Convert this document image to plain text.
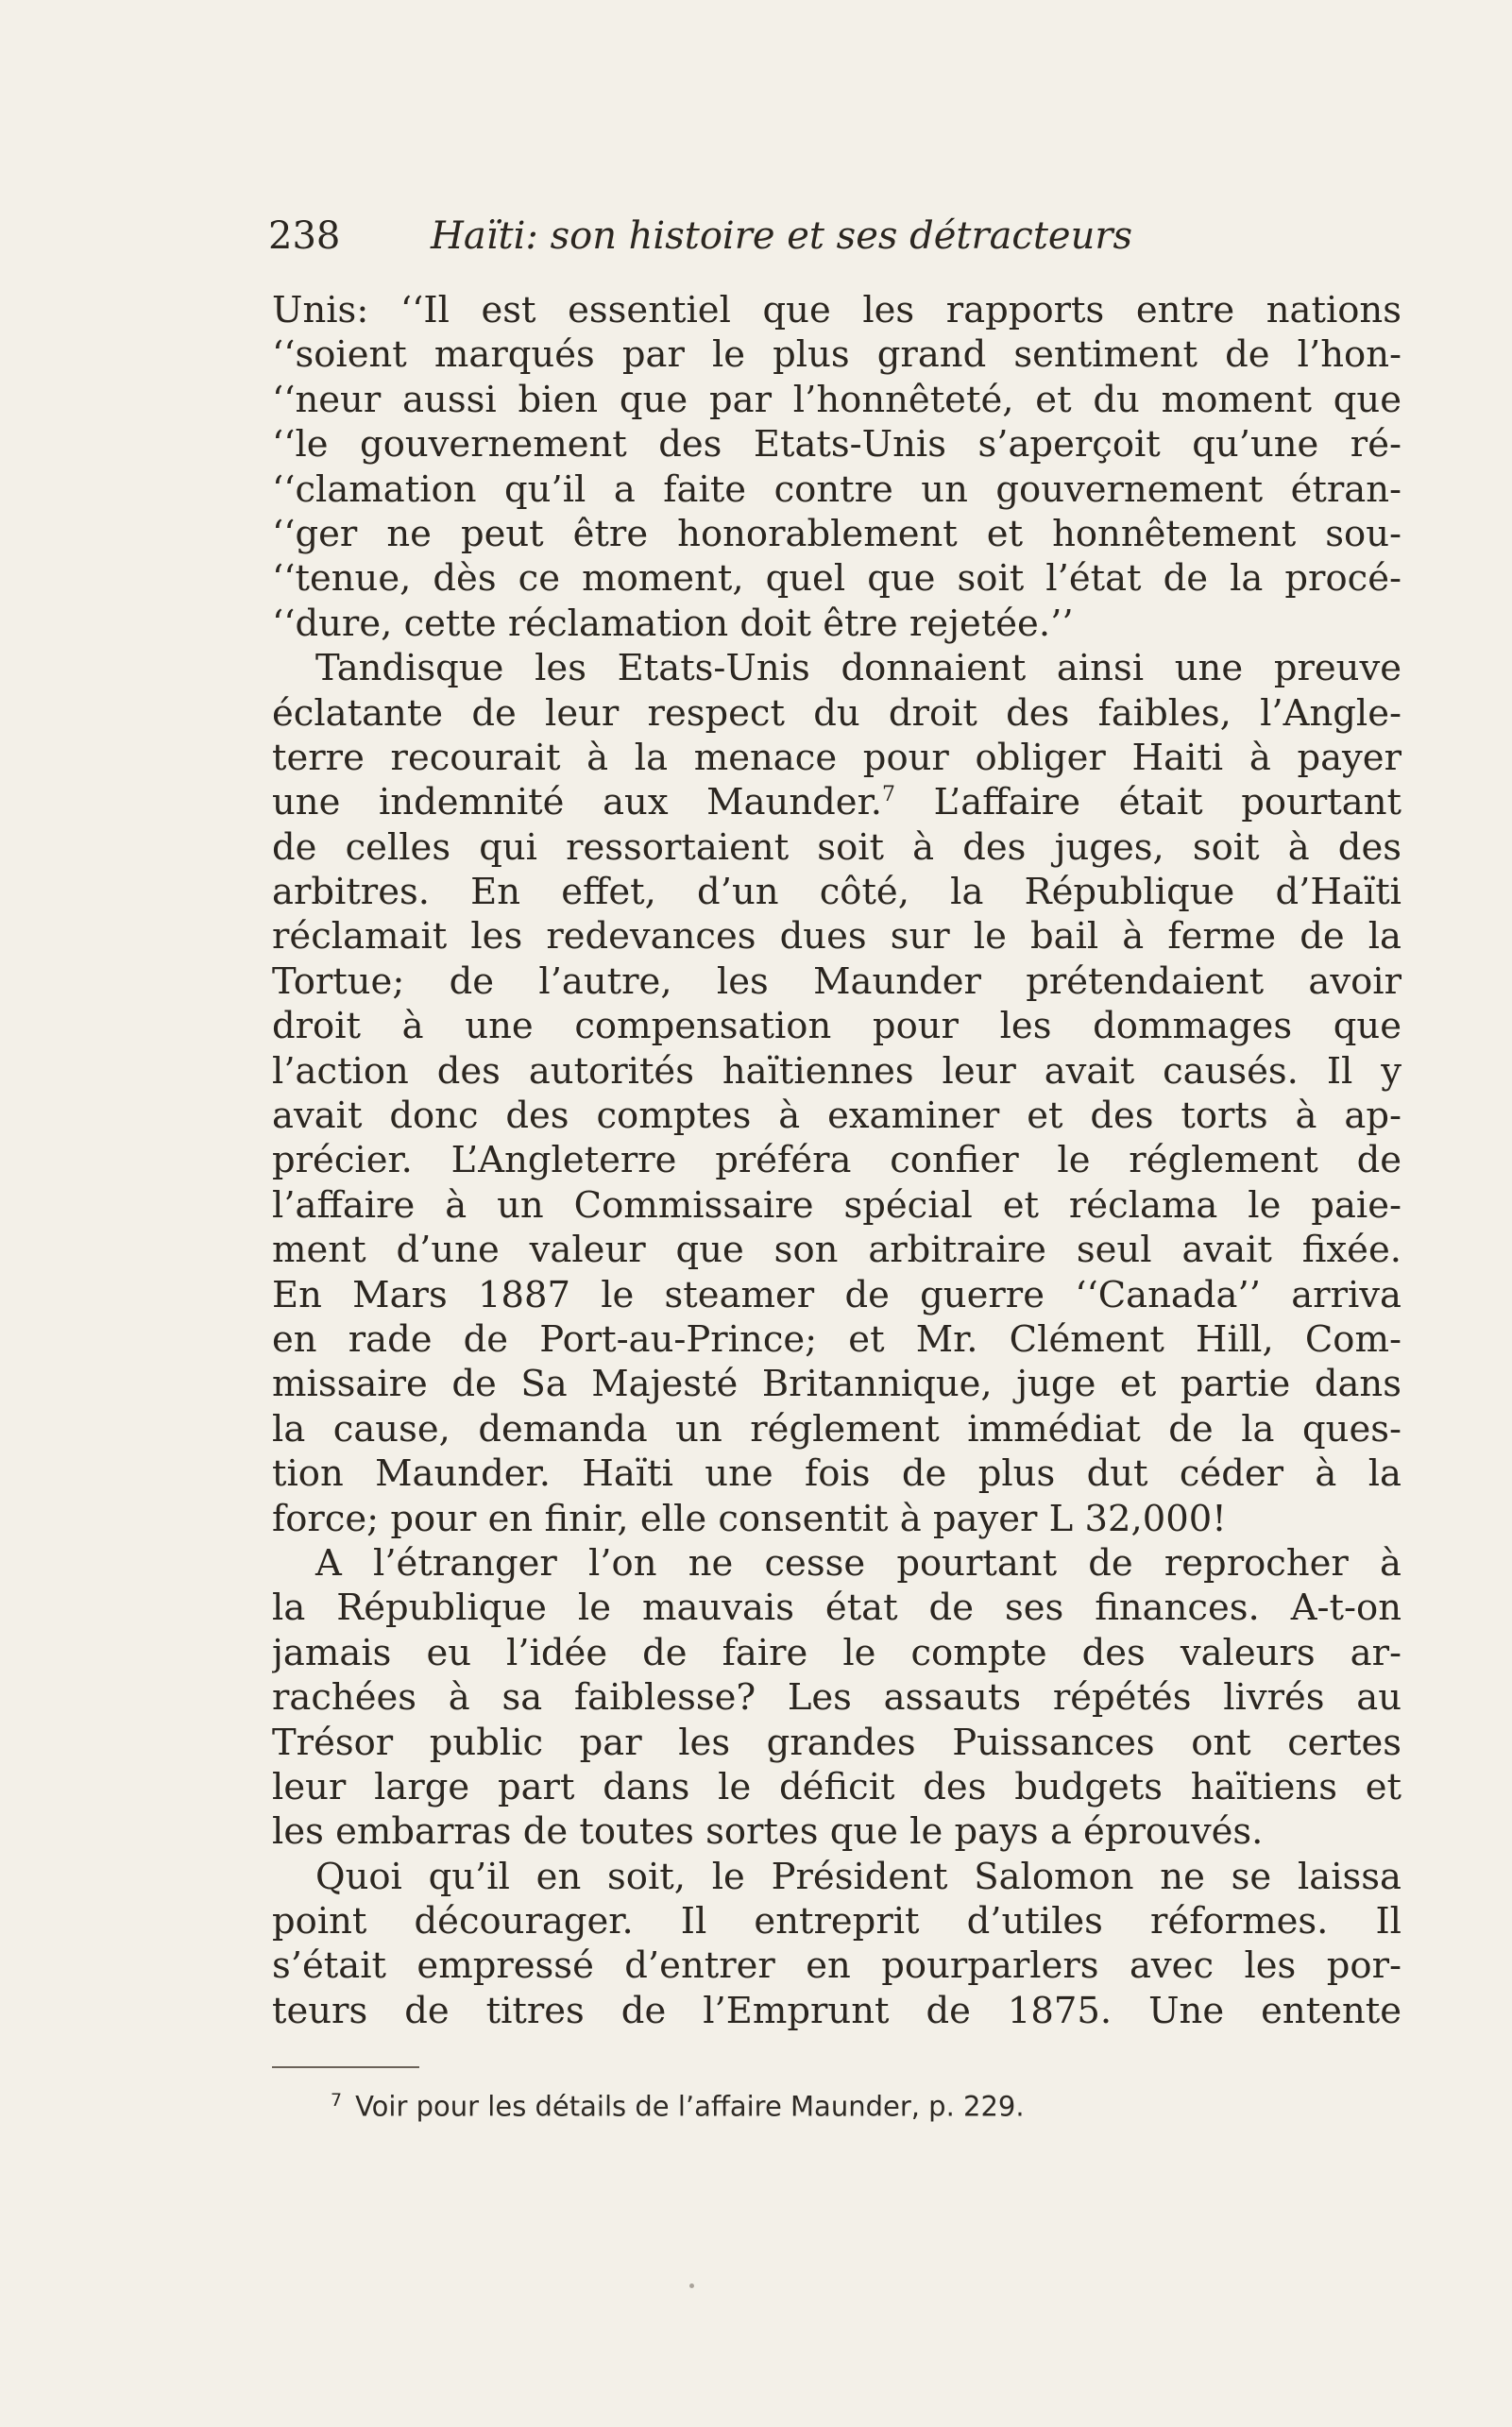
238 Haïti: son histoire et ses détracteurs
Unis: ‘‘Il est essentiel que les rapports entre nations
‘‘soient marqués par le plus grand sentiment de l’hon-
‘‘neur aussi bien que par l’honnêteté, et du moment que
‘‘le gouvernement des Etats-Unis s’aperçoit qu’une ré-
‘‘clamation qu’il a faite contre un gouvernement étran-
‘‘ger ne peut être honorablement et honnêtement sou-
‘‘tenue, dès ce moment, quel que soit l’état de la procé-
‘‘dure, cette réclamation doit être rejetée.’’
Tandisque les Etats-Unis donnaient ainsi une preuve
éclatante de leur respect du droit des faibles, l’Angle-
terre recourait à la menace pour obliger Haiti à payer
une indemnité aux Maunder.$^7$ L’affaire était pourtant
de celles qui ressortaient soit à des juges, soit à des
arbitres. En effet, d’un côté, la République d’Haïti
réclamait les redevances dues sur le bail à ferme de la
Tortue; de l’autre, les Maunder prétendaient avoir
droit à une compensation pour les dommages que
l’action des autorités haïtiennes leur avait causés. Il y
avait donc des comptes à examiner et des torts à ap-
précier. L’Angleterre préféra confier le réglement de
l’affaire à un Commissaire spécial et réclama le paie-
ment d’une valeur que son arbitraire seul avait fixée.
En Mars 1887 le steamer de guerre ‘‘Canada’’ arriva
en rade de Port-au-Prince; et Mr. Clément Hill, Com-
missaire de Sa Majesté Britannique, juge et partie dans
la cause, demanda un réglement immédiat de la ques-
tion Maunder. Haïti une fois de plus dut céder à la
force; pour en finir, elle consentit à payer L 32,000!
A l’étranger l’on ne cesse pourtant de reprocher à
la République le mauvais état de ses finances. A-t-on
jamais eu l’idée de faire le compte des valeurs ar-
rachées à sa faiblesse? Les assauts répétés livrés au
Trésor public par les grandes Puissances ont certes
leur large part dans le déficit des budgets haïtiens et
les embarras de toutes sortes que le pays a éprouvés.
Quoi qu’il en soit, le Président Salomon ne se laissa
point décourager. Il entreprit d’utiles réformes. Il
s’était empressé d’entrer en pourparlers avec les por-
teurs de titres de l’Emprunt de 1875. Une entente
$^7$ Voir pour les détails de l’affaire Maunder, p. 229.
